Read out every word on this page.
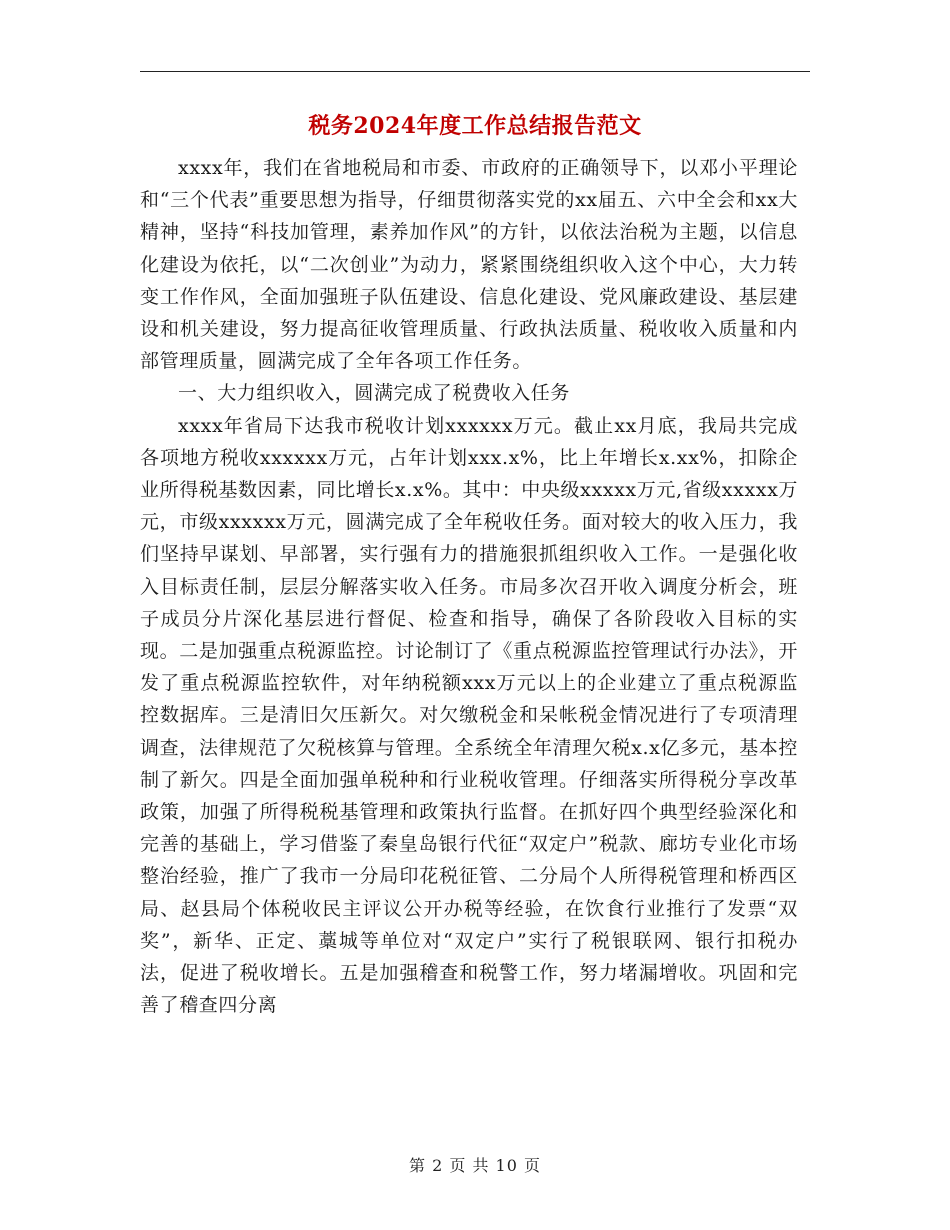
税务2024年度工作总结报告范文

xxxx年，我们在省地税局和市委、市政府的正确领导下，以邓小平理论和“三个代表”重要思想为指导，仔细贯彻落实党的xx届五、六中全会和xx大精神，坚持“科技加管理，素养加作风”的方针，以依法治税为主题，以信息化建设为依托，以“二次创业”为动力，紧紧围绕组织收入这个中心，大力转变工作作风，全面加强班子队伍建设、信息化建设、党风廉政建设、基层建设和机关建设，努力提高征收管理质量、行政执法质量、税收收入质量和内部管理质量，圆满完成了全年各项工作任务。

一、大力组织收入，圆满完成了税费收入任务

xxxx年省局下达我市税收计划xxxxxx万元。截止xx月底，我局共完成各项地方税收xxxxxx万元，占年计划xxx.x%，比上年增长x.xx%，扣除企业所得税基数因素，同比增长x.x%。其中：中央级xxxxx万元,省级xxxxx万元，市级xxxxxx万元，圆满完成了全年税收任务。面对较大的收入压力，我们坚持早谋划、早部署，实行强有力的措施狠抓组织收入工作。一是强化收入目标责任制，层层分解落实收入任务。市局多次召开收入调度分析会，班子成员分片深化基层进行督促、检查和指导，确保了各阶段收入目标的实现。二是加强重点税源监控。讨论制订了《重点税源监控管理试行办法》，开发了重点税源监控软件，对年纳税额xxx万元以上的企业建立了重点税源监控数据库。三是清旧欠压新欠。对欠缴税金和呆帐税金情况进行了专项清理调查，法律规范了欠税核算与管理。全系统全年清理欠税x.x亿多元，基本控制了新欠。四是全面加强单税种和行业税收管理。仔细落实所得税分享改革政策，加强了所得税税基管理和政策执行监督。在抓好四个典型经验深化和完善的基础上，学习借鉴了秦皇岛银行代征“双定户”税款、廊坊专业化市场整治经验，推广了我市一分局印花税征管、二分局个人所得税管理和桥西区局、赵县局个体税收民主评议公开办税等经验，在饮食行业推行了发票“双奖”，新华、正定、藁城等单位对“双定户”实行了税银联网、银行扣税办法，促进了税收增长。五是加强稽查和税警工作，努力堵漏增收。巩固和完善了稽查四分离

第 2 页 共 10 页
